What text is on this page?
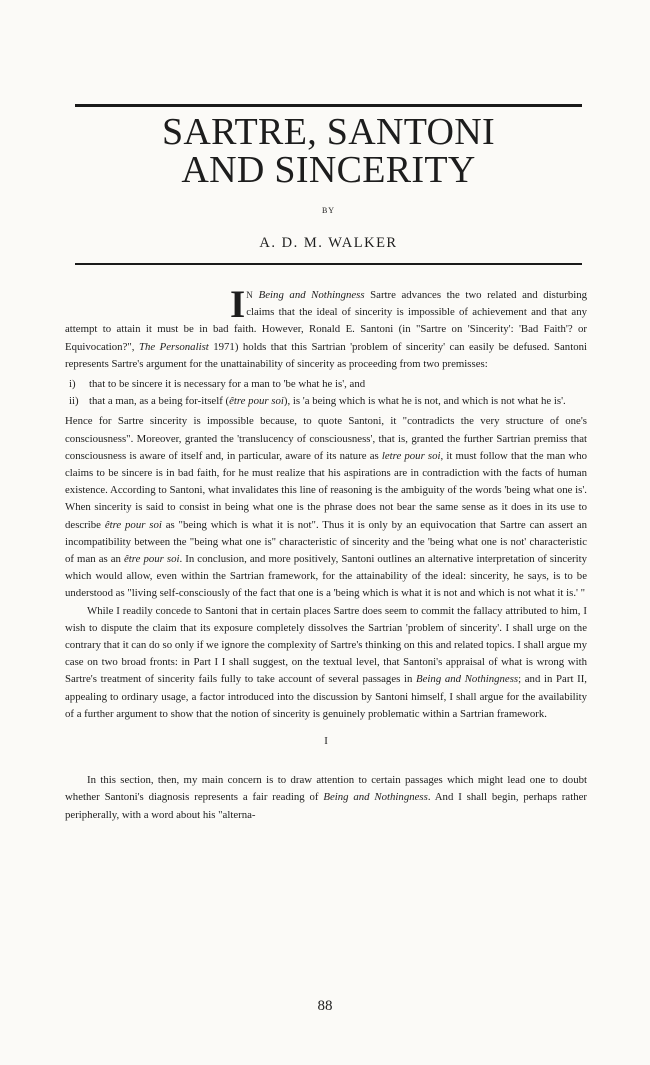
SARTRE, SANTONI
AND SINCERITY
BY
A. D. M. WALKER

I N Being and Nothingness Sartre advances the two related and disturbing claims that the ideal of sincerity is impossible of achievement and that any attempt to attain it must be in bad faith. However, Ronald E. Santoni (in "Sartre on 'Sincerity': 'Bad Faith'? or Equivocation?", The Personalist 1971) holds that this Sartrian 'problem of sincerity' can easily be defused. Santoni represents Sartre's argument for the unattainability of sincerity as proceeding from two premisses:

i)	that to be sincere it is necessary for a man to 'be what he is', and
ii) that a man, as a being for-itself (être pour soi), is 'a being which is what he is not, and which is not what he is'.

Hence for Sartre sincerity is impossible because, to quote Santoni, it "contradicts the very structure of one's consciousness". Moreover, granted the 'translucency of consciousness', that is, granted the further Sartrian premiss that consciousness is aware of itself and, in particular, aware of its nature as letre pour soi, it must follow that the man who claims to be sincere is in bad faith, for he must realize that his aspirations are in contradiction with the facts of human existence. According to Santoni, what invalidates this line of reasoning is the ambiguity of the words 'being what one is'. When sincerity is said to consist in being what one is the phrase does not bear the same sense as it does in its use to describe être pour soi as "being which is what it is not". Thus it is only by an equivocation that Sartre can assert an incompatibility between the "being what one is" characteristic of sincerity and the 'being what one is not' characteristic of man as an être pour soi. In conclusion, and more positively, Santoni outlines an alternative interpretation of sincerity which would allow, even within the Sartrian framework, for the attainability of the ideal: sincerity, he says, is to be understood as "living self-consciously of the fact that one is a 'being which is what it is not and which is not what it is.' "

While I readily concede to Santoni that in certain places Sartre does seem to commit the fallacy attributed to him, I wish to dispute the claim that its exposure completely dissolves the Sartrian 'problem of sincerity'. I shall urge on the contrary that it can do so only if we ignore the complexity of Sartre's thinking on this and related topics. I shall argue my case on two broad fronts: in Part I I shall suggest, on the textual level, that Santoni's appraisal of what is wrong with Sartre's treatment of sincerity fails fully to take account of several passages in Being and Nothingness; and in Part II, appealing to ordinary usage, a factor introduced into the discussion by Santoni himself, I shall argue for the availability of a further argument to show that the notion of sincerity is genuinely problematic within a Sartrian framework.

I

In this section, then, my main concern is to draw attention to certain passages which might lead one to doubt whether Santoni's diagnosis represents a fair reading of Being and Nothingness. And I shall begin, perhaps rather peripherally, with a word about his "alterna-

88
